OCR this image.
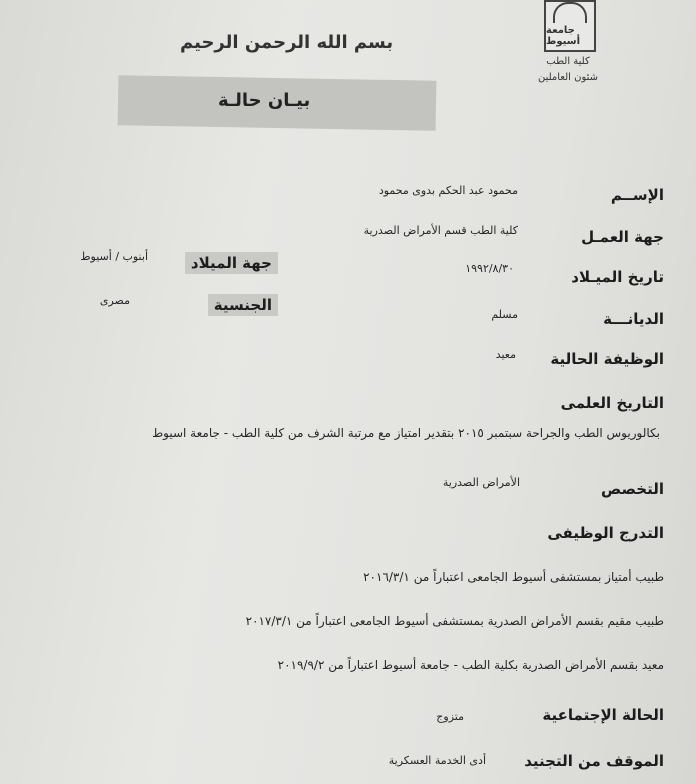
جامعة أسيوط
كلية الطب
شئون العاملين
بسم الله الرحمن الرحيم
بيـان حالـة
الإســم
محمود عبد الحكم بدوى محمود
جهة العمـل
كلية الطب قسم الأمراض الصدرية
تاريخ الميـلاد
١٩٩٢/٨/٣٠
جهة الميلاد
أبنوب / أسيوط
الديانـــة
مسلم
الجنسية
مصرى
الوظيفة الحالية
معيد
التاريخ العلمى
بكالوريوس الطب والجراحة سبتمبر ٢٠١٥ بتقدير امتياز مع مرتبة الشرف من كلية الطب - جامعة اسيوط
التخصص
الأمراض الصدرية
التدرج الوظيفى
طبيب أمتياز بمستشفى أسيوط الجامعى اعتباراً من ٢٠١٦/٣/١
طبيب مقيم بقسم الأمراض الصدرية بمستشفى أسيوط الجامعى اعتباراً من ٢٠١٧/٣/١
معيد بقسم الأمراض الصدرية بكلية الطب - جامعة أسيوط اعتباراً من ٢٠١٩/٩/٢
الحالة الإجتماعية
متزوج
الموقف من التجنيد
أدى الخدمة العسكرية
